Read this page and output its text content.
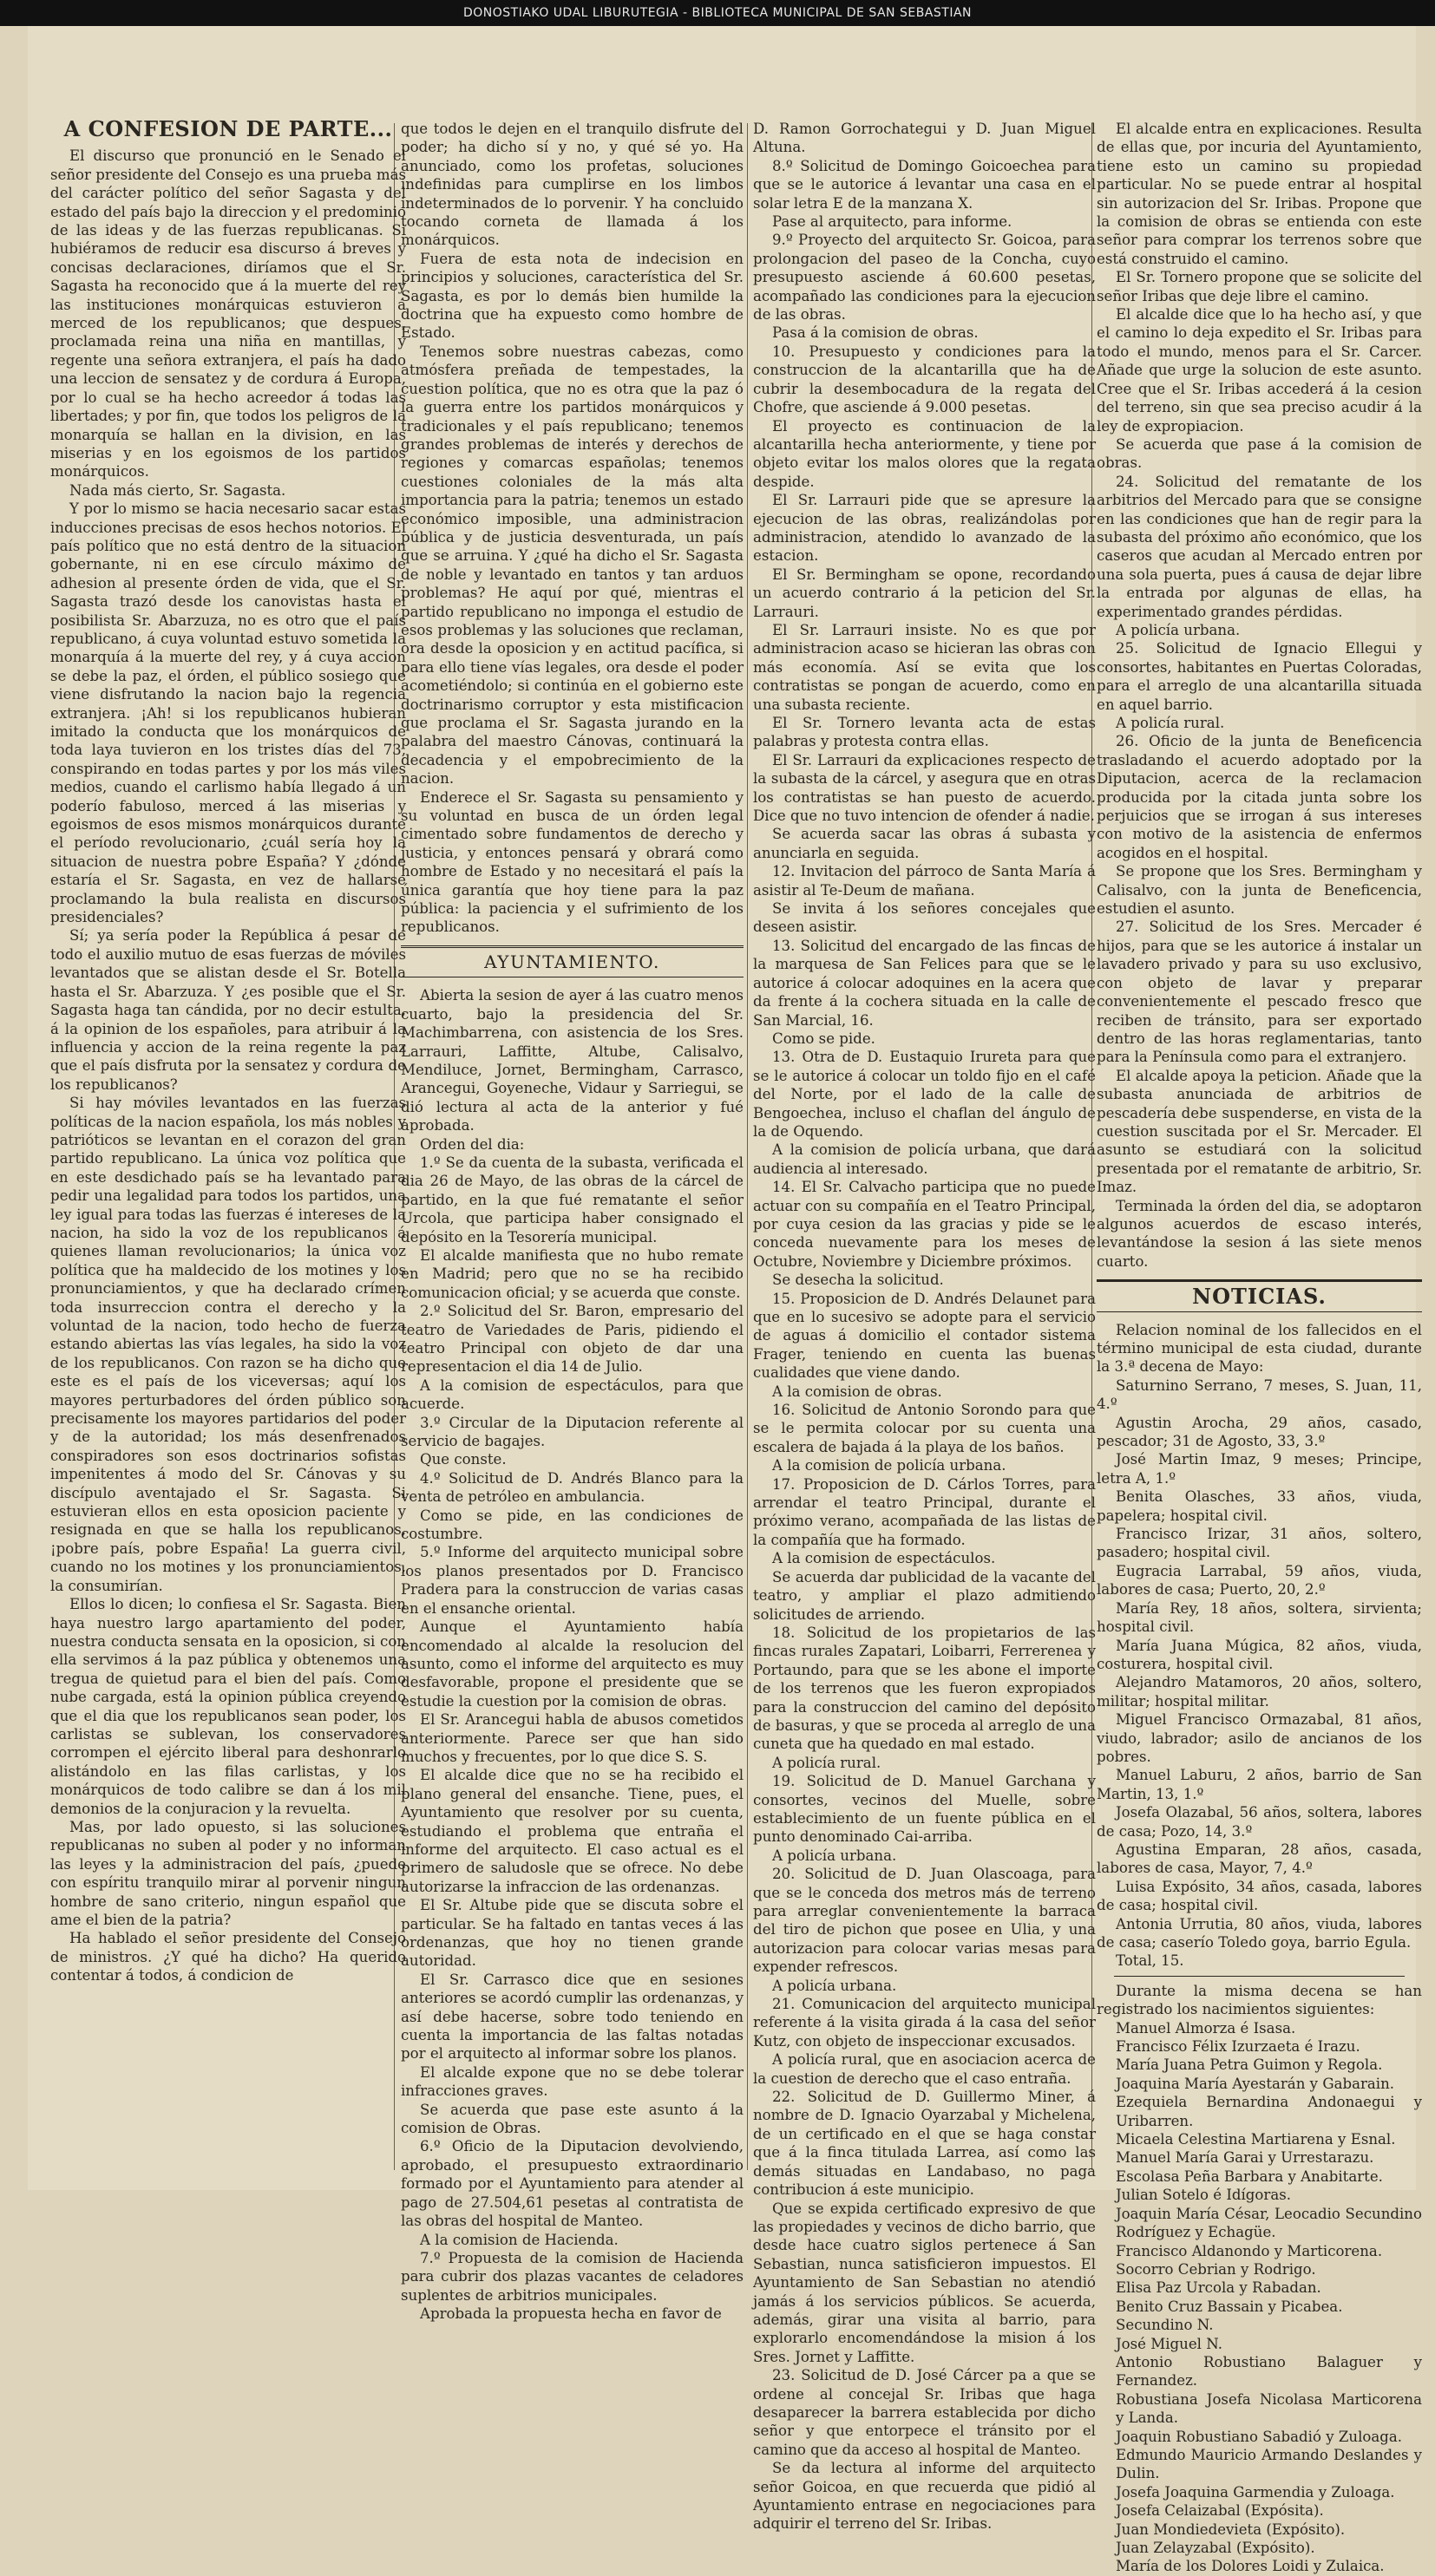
DONOSTIAKO UDAL LIBURUTEGIA - BIBLIOTECA MUNICIPAL DE SAN SEBASTIAN
A CONFESION DE PARTE...

El discurso que pronunció en le Senado el señor presidente del Consejo es una prueba más del carácter político del señor Sagasta y del estado del país bajo la direccion y el predominio de las ideas y de las fuerzas republicanas. Si hubiéramos de reducir esa discurso á breves y concisas declaraciones, diríamos que el Sr. Sagasta ha reconocido que á la muerte del rey las instituciones monárquicas estuvieron á merced de los republicanos; que despues, proclamada reina una niña en mantillas, y regente una señora extranjera, el país ha dado una leccion de sensatez y de cordura á Europa, por lo cual se ha hecho acreedor á todas las libertades; y por fin, que todos los peligros de la monarquía se hallan en la division, en las miserias y en los egoismos de los partidos monárquicos.

Nada más cierto, Sr. Sagasta.

Y por lo mismo se hacia necesario sacar estas inducciones precisas de esos hechos notorios. El país político que no está dentro de la situacion gobernante, ni en ese círculo máximo de adhesion al presente órden de vida, que el Sr. Sagasta trazó desde los canovistas hasta el posibilista Sr. Abarzuza, no es otro que el país republicano, á cuya voluntad estuvo sometida la monarquía á la muerte del rey, y á cuya accion se debe la paz, el órden, el público sosiego que viene disfrutando la nacion bajo la regencia extranjera. ¡Ah! si los republicanos hubieran imitado la conducta que los monárquicos de toda laya tuvieron en los tristes días del 73, conspirando en todas partes y por los más viles medios, cuando el carlismo había llegado á un poderío fabuloso, merced á las miserias y egoismos de esos mismos monárquicos durante el período revolucionario, ¿cuál sería hoy la situacion de nuestra pobre España? Y ¿dónde estaría el Sr. Sagasta, en vez de hallarse proclamando la bula realista en discursos presidenciales?

Sí; ya sería poder la República á pesar de todo el auxilio mutuo de esas fuerzas de móviles levantados que se alistan desde el Sr. Botella hasta el Sr. Abarzuza. Y ¿es posible que el Sr. Sagasta haga tan cándida, por no decir estulta, á la opinion de los españoles, para atribuir á la influencia y accion de la reina regente la paz que el país disfruta por la sensatez y cordura de los republicanos?

Si hay móviles levantados en las fuerzas políticas de la nacion española, los más nobles y patrióticos se levantan en el corazon del gran partido republicano. La única voz política que en este desdichado país se ha levantado para pedir una legalidad para todos los partidos, una ley igual para todas las fuerzas é intereses de la nacion, ha sido la voz de los republicanos á quienes llaman revolucionarios; la única voz política que ha maldecido de los motines y los pronunciamientos, y que ha declarado crímen toda insurreccion contra el derecho y la voluntad de la nacion, todo hecho de fuerza estando abiertas las vías legales, ha sido la voz de los republicanos. Con razon se ha dicho que este es el país de los viceversas; aquí los mayores perturbadores del órden público son precisamente los mayores partidarios del poder y de la autoridad; los más desenfrenados conspiradores son esos doctrinarios sofistas impenitentes á modo del Sr. Cánovas y su discípulo aventajado el Sr. Sagasta. Si estuvieran ellos en esta oposicion paciente y resignada en que se halla los republicanos, ¡pobre país, pobre España! La guerra civil, cuando no los motines y los pronunciamientos, la consumirían.

Ellos lo dicen; lo confiesa el Sr. Sagasta. Bien haya nuestro largo apartamiento del poder, nuestra conducta sensata en la oposicion, si con ella servimos á la paz pública y obtenemos una tregua de quietud para el bien del país. Como nube cargada, está la opinion pública creyendo que el dia que los republicanos sean poder, los carlistas se sublevan, los conservadores corrompen el ejército liberal para deshonrarlo alistándolo en las filas carlistas, y los monárquicos de todo calibre se dan á los mil demonios de la conjuracion y la revuelta.

Mas, por lado opuesto, si las soluciones republicanas no suben al poder y no informan las leyes y la administracion del país, ¿puede con espíritu tranquilo mirar al porvenir ningun hombre de sano criterio, ningun español que ame el bien de la patria?

Ha hablado el señor presidente del Consejo de ministros. ¿Y qué ha dicho? Ha querido contentar á todos, á condicion de

que todos le dejen en el tranquilo disfrute del poder; ha dicho sí y no, y qué sé yo. Ha anunciado, como los profetas, soluciones indefinidas para cumplirse en los limbos indeterminados de lo porvenir. Y ha concluido tocando corneta de llamada á los monárquicos.

Fuera de esta nota de indecision en principios y soluciones, característica del Sr. Sagasta, es por lo demás bien humilde la doctrina que ha expuesto como hombre de Estado.

Tenemos sobre nuestras cabezas, como atmósfera preñada de tempestades, la cuestion política, que no es otra que la paz ó la guerra entre los partidos monárquicos y tradicionales y el país republicano; tenemos grandes problemas de interés y derechos de regiones y comarcas españolas; tenemos cuestiones coloniales de la más alta importancia para la patria; tenemos un estado económico imposible, una administracion pública y de justicia desventurada, un país que se arruina. Y ¿qué ha dicho el Sr. Sagasta de noble y levantado en tantos y tan arduos problemas? He aquí por qué, mientras el partido republicano no imponga el estudio de esos problemas y las soluciones que reclaman, ora desde la oposicion y en actitud pacífica, si para ello tiene vías legales, ora desde el poder acometiéndolo; si continúa en el gobierno este doctrinarismo corruptor y esta mistificacion que proclama el Sr. Sagasta jurando en la palabra del maestro Cánovas, continuará la decadencia y el empobrecimiento de la nacion.

Enderece el Sr. Sagasta su pensamiento y su voluntad en busca de un órden legal cimentado sobre fundamentos de derecho y justicia, y entonces pensará y obrará como hombre de Estado y no necesitará el país la única garantía que hoy tiene para la paz pública: la paciencia y el sufrimiento de los republicanos.

AYUNTAMIENTO.

Abierta la sesion de ayer á las cuatro menos cuarto, bajo la presidencia del Sr. Machimbarrena, con asistencia de los Sres. Larrauri, Laffitte, Altube, Calisalvo, Mendiluce, Jornet, Bermingham, Carrasco, Arancegui, Goyeneche, Vidaur y Sarriegui, se dió lectura al acta de la anterior y fué aprobada.

Orden del dia:

1.º Se da cuenta de la subasta, verificada el dia 26 de Mayo, de las obras de la cárcel de partido, en la que fué rematante el señor Urcola, que participa haber consignado el depósito en la Tesorería municipal.

El alcalde manifiesta que no hubo remate en Madrid; pero que no se ha recibido comunicacion oficial; y se acuerda que conste.

2.º Solicitud del Sr. Baron, empresario del teatro de Variedades de Paris, pidiendo el teatro Principal con objeto de dar una representacion el dia 14 de Julio.

A la comision de espectáculos, para que acuerde.

3.º Circular de la Diputacion referente al servicio de bagajes.

Que conste.

4.º Solicitud de D. Andrés Blanco para la venta de petróleo en ambulancia.

Como se pide, en las condiciones de costumbre.

5.º Informe del arquitecto municipal sobre los planos presentados por D. Francisco Pradera para la construccion de varias casas en el ensanche oriental.

Aunque el Ayuntamiento había encomendado al alcalde la resolucion del asunto, como el informe del arquitecto es muy desfavorable, propone el presidente que se estudie la cuestion por la comision de obras.

El Sr. Arancegui habla de abusos cometidos anteriormente. Parece ser que han sido muchos y frecuentes, por lo que dice S. S.

El alcalde dice que no se ha recibido el plano general del ensanche. Tiene, pues, el Ayuntamiento que resolver por su cuenta, estudiando el problema que entraña el informe del arquitecto. El caso actual es el primero de saludosle que se ofrece. No debe autorizarse la infraccion de las ordenanzas.

El Sr. Altube pide que se discuta sobre el particular. Se ha faltado en tantas veces á las ordenanzas, que hoy no tienen grande autoridad.

El Sr. Carrasco dice que en sesiones anteriores se acordó cumplir las ordenanzas, y así debe hacerse, sobre todo teniendo en cuenta la importancia de las faltas notadas por el arquitecto al informar sobre los planos.

El alcalde expone que no se debe tolerar infracciones graves.

Se acuerda que pase este asunto á la comision de Obras.

6.º Oficio de la Diputacion devolviendo, aprobado, el presupuesto extraordinario formado por el Ayuntamiento para atender al pago de 27.504,61 pesetas al contratista de las obras del hospital de Manteo.

A la comision de Hacienda.

7.º Propuesta de la comision de Hacienda para cubrir dos plazas vacantes de celadores suplentes de arbitrios municipales.

Aprobada la propuesta hecha en favor de

D. Ramon Gorrochategui y D. Juan Miguel Altuna.

8.º Solicitud de Domingo Goicoechea para que se le autorice á levantar una casa en el solar letra E de la manzana X.

Pase al arquitecto, para informe.

9.º Proyecto del arquitecto Sr. Goicoa, para prolongacion del paseo de la Concha, cuyo presupuesto asciende á 60.600 pesetas, acompañado las condiciones para la ejecucion de las obras.

Pasa á la comision de obras.

10. Presupuesto y condiciones para la construccion de la alcantarilla que ha de cubrir la desembocadura de la regata del Chofre, que asciende á 9.000 pesetas.

El proyecto es continuacion de la alcantarilla hecha anteriormente, y tiene por objeto evitar los malos olores que la regata despide.

El Sr. Larrauri pide que se apresure la ejecucion de las obras, realizándolas por administracion, atendido lo avanzado de la estacion.

El Sr. Bermingham se opone, recordando un acuerdo contrario á la peticion del Sr. Larrauri.

El Sr. Larrauri insiste. No es que por administracion acaso se hicieran las obras con más economía. Así se evita que los contratistas se pongan de acuerdo, como en una subasta reciente.

El Sr. Tornero levanta acta de estas palabras y protesta contra ellas.

El Sr. Larrauri da explicaciones respecto de la subasta de la cárcel, y asegura que en otras los contratistas se han puesto de acuerdo. Dice que no tuvo intencion de ofender á nadie.

Se acuerda sacar las obras á subasta y anunciarla en seguida.

12. Invitacion del párroco de Santa María á asistir al Te-Deum de mañana.

Se invita á los señores concejales que deseen asistir.

13. Solicitud del encargado de las fincas de la marquesa de San Felices para que se le autorice á colocar adoquines en la acera que da frente á la cochera situada en la calle de San Marcial, 16.

Como se pide.

13. Otra de D. Eustaquio Irureta para que se le autorice á colocar un toldo fijo en el café del Norte, por el lado de la calle de Bengoechea, incluso el chaflan del ángulo de la de Oquendo.

A la comision de policía urbana, que dará audiencia al interesado.

14. El Sr. Calvacho participa que no puede actuar con su compañía en el Teatro Principal, por cuya cesion da las gracias y pide se le conceda nuevamente para los meses de Octubre, Noviembre y Diciembre próximos.

Se desecha la solicitud.

15. Proposicion de D. Andrés Delaunet para que en lo sucesivo se adopte para el servicio de aguas á domicilio el contador sistema Frager, teniendo en cuenta las buenas cualidades que viene dando.

A la comision de obras.

16. Solicitud de Antonio Sorondo para que se le permita colocar por su cuenta una escalera de bajada á la playa de los baños.

A la comision de policía urbana.

17. Proposicion de D. Cárlos Torres, para arrendar el teatro Principal, durante el próximo verano, acompañada de las listas de la compañía que ha formado.

A la comision de espectáculos.

Se acuerda dar publicidad de la vacante del teatro, y ampliar el plazo admitiendo solicitudes de arriendo.

18. Solicitud de los propietarios de las fincas rurales Zapatari, Loibarri, Ferrerenea y Portaundo, para que se les abone el importe de los terrenos que les fueron expropiados para la construccion del camino del depósito de basuras, y que se proceda al arreglo de una cuneta que ha quedado en mal estado.

A policía rural.

19. Solicitud de D. Manuel Garchana y consortes, vecinos del Muelle, sobre establecimiento de un fuente pública en el punto denominado Cai-arriba.

A policía urbana.

20. Solicitud de D. Juan Olascoaga, para que se le conceda dos metros más de terreno para arreglar convenientemente la barraca del tiro de pichon que posee en Ulia, y una autorizacion para colocar varias mesas para expender refrescos.

A policía urbana.

21. Comunicacion del arquitecto municipal referente á la visita girada á la casa del señor Kutz, con objeto de inspeccionar excusados.

A policía rural, que en asociacion acerca de la cuestion de derecho que el caso entraña.

22. Solicitud de D. Guillermo Miner, á nombre de D. Ignacio Oyarzabal y Michelena, de un certificado en el que se haga constar que á la finca titulada Larrea, así como las demás situadas en Landabaso, no paga contribucion á este municipio.

Que se expida certificado expresivo de que las propiedades y vecinos de dicho barrio, que desde hace cuatro siglos pertenece á San Sebastian, nunca satisficieron impuestos. El Ayuntamiento de San Sebastian no atendió jamás á los servicios públicos. Se acuerda, además, girar una visita al barrio, para explorarlo encomendándose la mision á los Sres. Jornet y Laffitte.

23. Solicitud de D. José Cárcer pa a que se ordene al concejal Sr. Iribas que haga desaparecer la barrera establecida por dicho señor y que entorpece el tránsito por el camino que da acceso al hospital de Manteo.

Se da lectura al informe del arquitecto señor Goicoa, en que recuerda que pidió al Ayuntamiento entrase en negociaciones para adquirir el terreno del Sr. Iribas.

El alcalde entra en explicaciones. Resulta de ellas que, por incuria del Ayuntamiento, tiene esto un camino su propiedad particular. No se puede entrar al hospital sin autorizacion del Sr. Iribas. Propone que la comision de obras se entienda con este señor para comprar los terrenos sobre que está construido el camino.

El Sr. Tornero propone que se solicite del señor Iribas que deje libre el camino.

El alcalde dice que lo ha hecho así, y que el camino lo deja expedito el Sr. Iribas para todo el mundo, menos para el Sr. Carcer. Añade que urge la solucion de este asunto. Cree que el Sr. Iribas accederá á la cesion del terreno, sin que sea preciso acudir á la ley de expropiacion.

Se acuerda que pase á la comision de obras.

24. Solicitud del rematante de los arbitrios del Mercado para que se consigne en las condiciones que han de regir para la subasta del próximo año económico, que los caseros que acudan al Mercado entren por una sola puerta, pues á causa de dejar libre la entrada por algunas de ellas, ha experimentado grandes pérdidas.

A policía urbana.

25. Solicitud de Ignacio Ellegui y consortes, habitantes en Puertas Coloradas, para el arreglo de una alcantarilla situada en aquel barrio.

A policía rural.

26. Oficio de la junta de Beneficencia trasladando el acuerdo adoptado por la Diputacion, acerca de la reclamacion producida por la citada junta sobre los perjuicios que se irrogan á sus intereses con motivo de la asistencia de enfermos acogidos en el hospital.

Se propone que los Sres. Bermingham y Calisalvo, con la junta de Beneficencia, estudien el asunto.

27. Solicitud de los Sres. Mercader é hijos, para que se les autorice á instalar un lavadero privado y para su uso exclusivo, con objeto de lavar y preparar convenientemente el pescado fresco que reciben de tránsito, para ser exportado dentro de las horas reglamentarias, tanto para la Península como para el extranjero.

El alcalde apoya la peticion. Añade que la subasta anunciada de arbitrios de pescadería debe suspenderse, en vista de la cuestion suscitada por el Sr. Mercader. El asunto se estudiará con la solicitud presentada por el rematante de arbitrio, Sr. Imaz.

Terminada la órden del dia, se adoptaron algunos acuerdos de escaso interés, levantándose la sesion á las siete menos cuarto.

NOTICIAS.

Relacion nominal de los fallecidos en el término municipal de esta ciudad, durante la 3.ª decena de Mayo:

Saturnino Serrano, 7 meses, S. Juan, 11, 4.º

Agustin Arocha, 29 años, casado, pescador; 31 de Agosto, 33, 3.º

José Martin Imaz, 9 meses; Principe, letra A, 1.º

Benita Olasches, 33 años, viuda, papelera; hospital civil.

Francisco Irizar, 31 años, soltero, pasadero; hospital civil.

Eugracia Larrabal, 59 años, viuda, labores de casa; Puerto, 20, 2.º

María Rey, 18 años, soltera, sirvienta; hospital civil.

María Juana Múgica, 82 años, viuda, costurera, hospital civil.

Alejandro Matamoros, 20 años, soltero, militar; hospital militar.

Miguel Francisco Ormazabal, 81 años, viudo, labrador; asilo de ancianos de los pobres.

Manuel Laburu, 2 años, barrio de San Martin, 13, 1.º

Josefa Olazabal, 56 años, soltera, labores de casa; Pozo, 14, 3.º

Agustina Emparan, 28 años, casada, labores de casa, Mayor, 7, 4.º

Luisa Expósito, 34 años, casada, labores de casa; hospital civil.

Antonia Urrutia, 80 años, viuda, labores de casa; caserío Toledo goya, barrio Egula.

Total, 15.

Durante la misma decena se han registrado los nacimientos siguientes:

Manuel Almorza é Isasa.

Francisco Félix Izurzaeta é Irazu.

María Juana Petra Guimon y Regola.

Joaquina María Ayestarán y Gabarain.

Ezequiela Bernardina Andonaegui y Uribarren.

Micaela Celestina Martiarena y Esnal.

Manuel María Garai y Urrestarazu.

Escolasa Peña Barbara y Anabitarte.

Julian Sotelo é Idígoras.

Joaquin María César, Leocadio Secundino Rodríguez y Echagüe.

Francisco Aldanondo y Marticorena.

Socorro Cebrian y Rodrigo.

Elisa Paz Urcola y Rabadan.

Benito Cruz Bassain y Picabea.

Secundino N.

José Miguel N.

Antonio Robustiano Balaguer y Fernandez.

Robustiana Josefa Nicolasa Marticorena y Landa.

Joaquin Robustiano Sabadió y Zuloaga.

Edmundo Mauricio Armando Deslandes y Dulin.

Josefa Joaquina Garmendia y Zuloaga.

Josefa Celaizabal (Expósita).

Juan Mondiedevieta (Expósito).

Juan Zelayzabal (Expósito).

María de los Dolores Loidi y Zulaica.
